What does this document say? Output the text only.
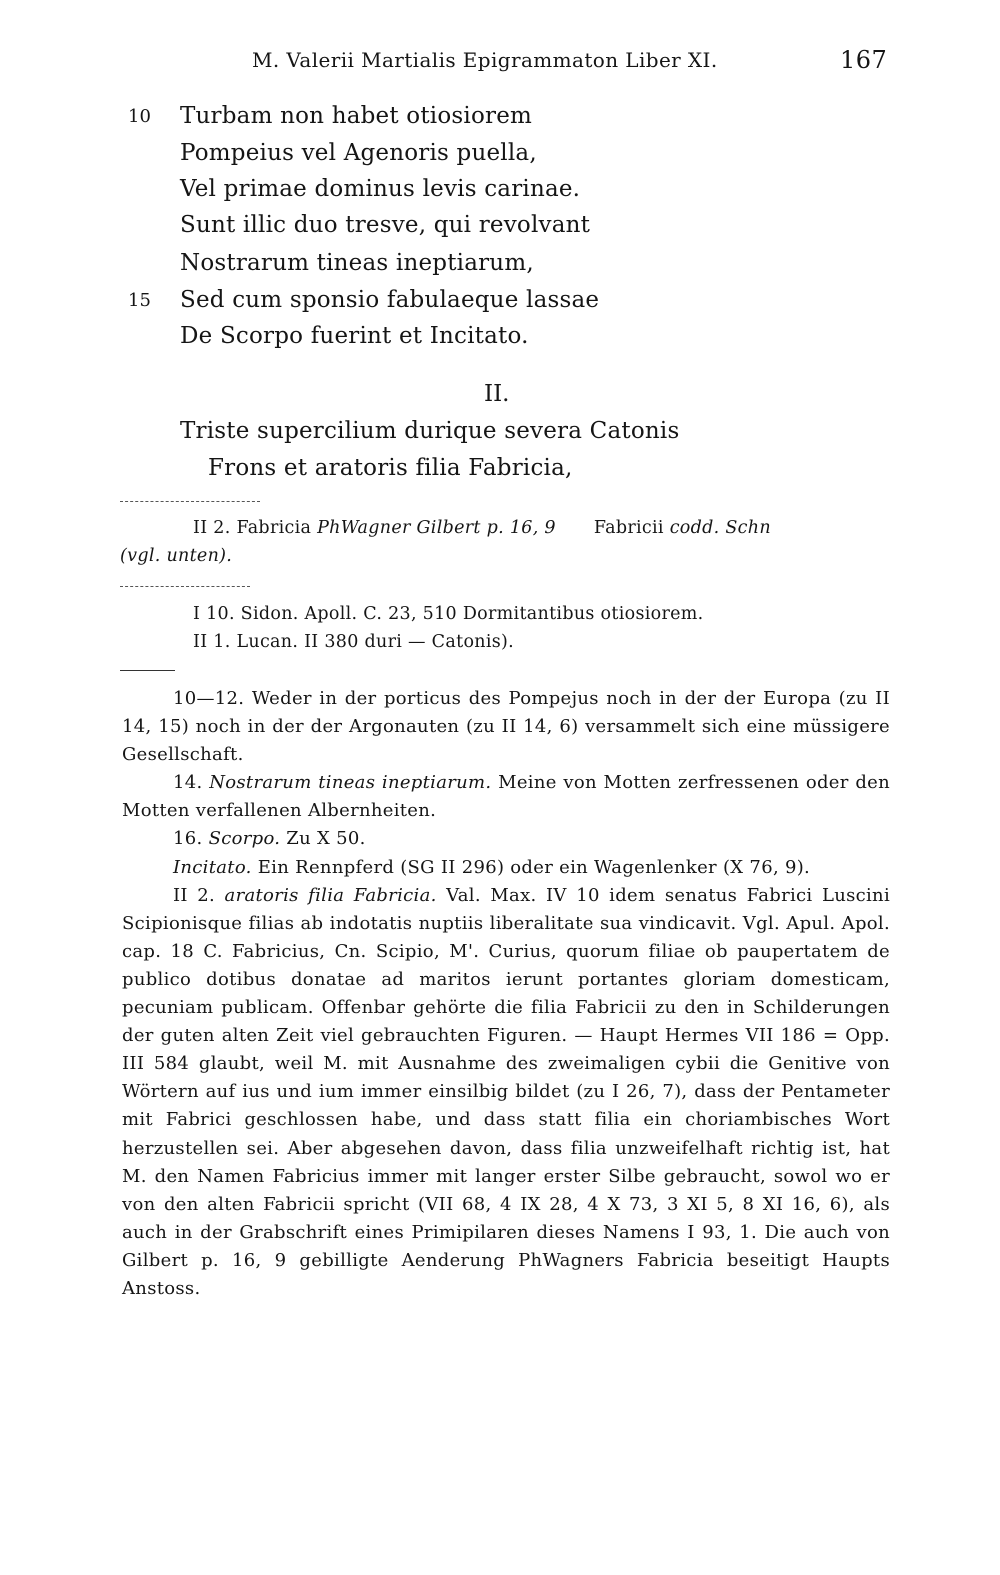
M. Valerii Martialis Epigrammaton Liber XI.	167
10 Turbam non habet otiosiorem
Pompeius vel Agenoris puella,
Vel primae dominus levis carinae.
Sunt illic duo tresve, qui revolvant
Nostrarum tineas ineptiarum,
15 Sed cum sponsio fabulaeque lassae
De Scorpo fuerint et Incitato.
II.
Triste supercilium durique severa Catonis
Frons et aratoris filia Fabricia,
II 2. Fabricia PhWagner Gilbert p. 16, 9 Fabricii codd. Schn
(vgl. unten).
I 10. Sidon. Apoll. C. 23, 510 Dormitantibus otiosiorem.
II 1. Lucan. II 380 duri — Catonis).

10—12. Weder in der porticus des Pompejus noch in der der Europa (zu II 14, 15) noch in der der Argonauten (zu II 14, 6) versammelt sich eine müssigere Gesellschaft.

14. Nostrarum tineas ineptiarum. Meine von Motten zerfressenen oder den Motten verfallenen Albernheiten.

16. Scorpo. Zu X 50.

Incitato. Ein Rennpferd (SG II 296) oder ein Wagenlenker (X 76, 9).

II 2. aratoris filia Fabricia. Val. Max. IV 10 idem senatus Fabrici Luscini Scipionisque filias ab indotatis nuptiis liberalitate sua vindicavit. Vgl. Apul. Apol. cap. 18 C. Fabricius, Cn. Scipio, M'. Curius, quorum filiae ob paupertatem de publico dotibus donatae ad maritos ierunt portantes gloriam domesticam, pecuniam publicam. Offenbar gehörte die filia Fabricii zu den in Schilderungen der guten alten Zeit viel gebrauchten Figuren. — Haupt Hermes VII 186 = Opp. III 584 glaubt, weil M. mit Ausnahme des zweimaligen cybii die Genitive von Wörtern auf ius und ium immer einsilbig bildet (zu I 26, 7), dass der Pentameter mit Fabrici geschlossen habe, und dass statt filia ein choriambisches Wort herzustellen sei. Aber abgesehen davon, dass filia unzweifelhaft richtig ist, hat M. den Namen Fabricius immer mit langer erster Silbe gebraucht, sowol wo er von den alten Fabricii spricht (VII 68, 4 IX 28, 4 X 73, 3 XI 5, 8 XI 16, 6), als auch in der Grabschrift eines Primipilaren dieses Namens I 93, 1. Die auch von Gilbert p. 16, 9 gebilligte Aenderung PhWagners Fabricia beseitigt Haupts Anstoss.
